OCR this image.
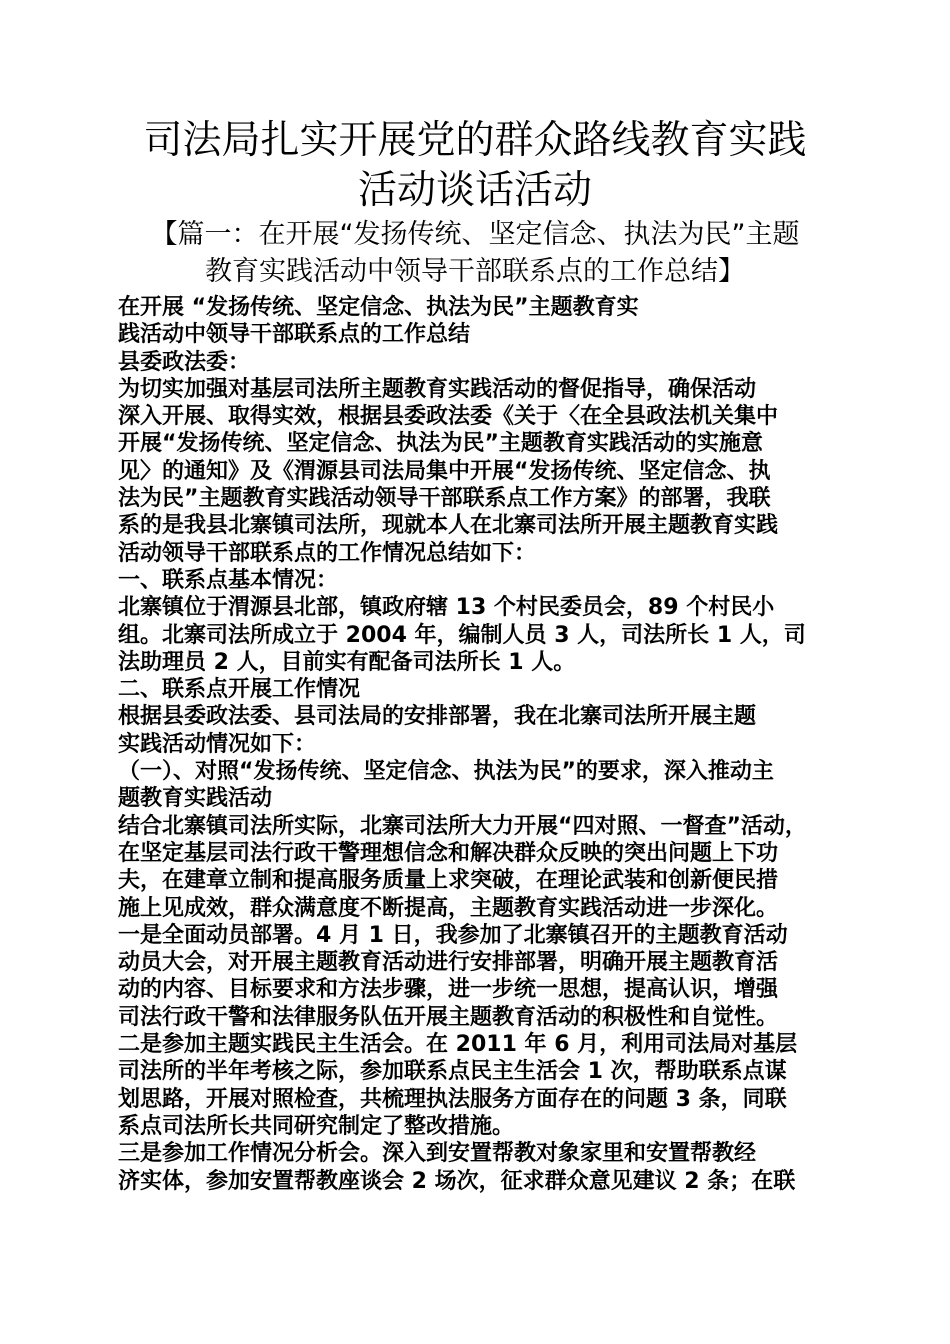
司法局扎实开展党的群众路线教育实践
活动谈话活动
【篇一：在开展“发扬传统、坚定信念、执法为民”主题
教育实践活动中领导干部联系点的工作总结】
在开展 “发扬传统、坚定信念、执法为民”主题教育实
践活动中领导干部联系点的工作总结
县委政法委：
为切实加强对基层司法所主题教育实践活动的督促指导，确保活动
深入开展、取得实效，根据县委政法委《关于〈在全县政法机关集中
开展“发扬传统、坚定信念、执法为民”主题教育实践活动的实施意
见〉的通知》及《渭源县司法局集中开展“发扬传统、坚定信念、执
法为民”主题教育实践活动领导干部联系点工作方案》的部署，我联
系的是我县北寨镇司法所，现就本人在北寨司法所开展主题教育实践
活动领导干部联系点的工作情况总结如下：
一、联系点基本情况：
北寨镇位于渭源县北部，镇政府辖 13 个村民委员会，89 个村民小
组。北寨司法所成立于 2004 年，编制人员 3 人，司法所长 1 人，司
法助理员 2 人，目前实有配备司法所长 1 人。
二、联系点开展工作情况
根据县委政法委、县司法局的安排部署，我在北寨司法所开展主题
实践活动情况如下：
（一）、对照“发扬传统、坚定信念、执法为民”的要求，深入推动主
题教育实践活动
结合北寨镇司法所实际，北寨司法所大力开展“四对照、一督查”活动，
在坚定基层司法行政干警理想信念和解决群众反映的突出问题上下功
夫，在建章立制和提高服务质量上求突破，在理论武装和创新便民措
施上见成效，群众满意度不断提高，主题教育实践活动进一步深化。
一是全面动员部署。4 月 1 日，我参加了北寨镇召开的主题教育活动
动员大会，对开展主题教育活动进行安排部署，明确开展主题教育活
动的内容、目标要求和方法步骤，进一步统一思想，提高认识，增强
司法行政干警和法律服务队伍开展主题教育活动的积极性和自觉性。
二是参加主题实践民主生活会。在 2011 年 6 月，利用司法局对基层
司法所的半年考核之际，参加联系点民主生活会 1 次，帮助联系点谋
划思路，开展对照检查，共梳理执法服务方面存在的问题 3 条，同联
系点司法所长共同研究制定了整改措施。
三是参加工作情况分析会。深入到安置帮教对象家里和安置帮教经
济实体，参加安置帮教座谈会 2 场次，征求群众意见建议 2 条；在联
